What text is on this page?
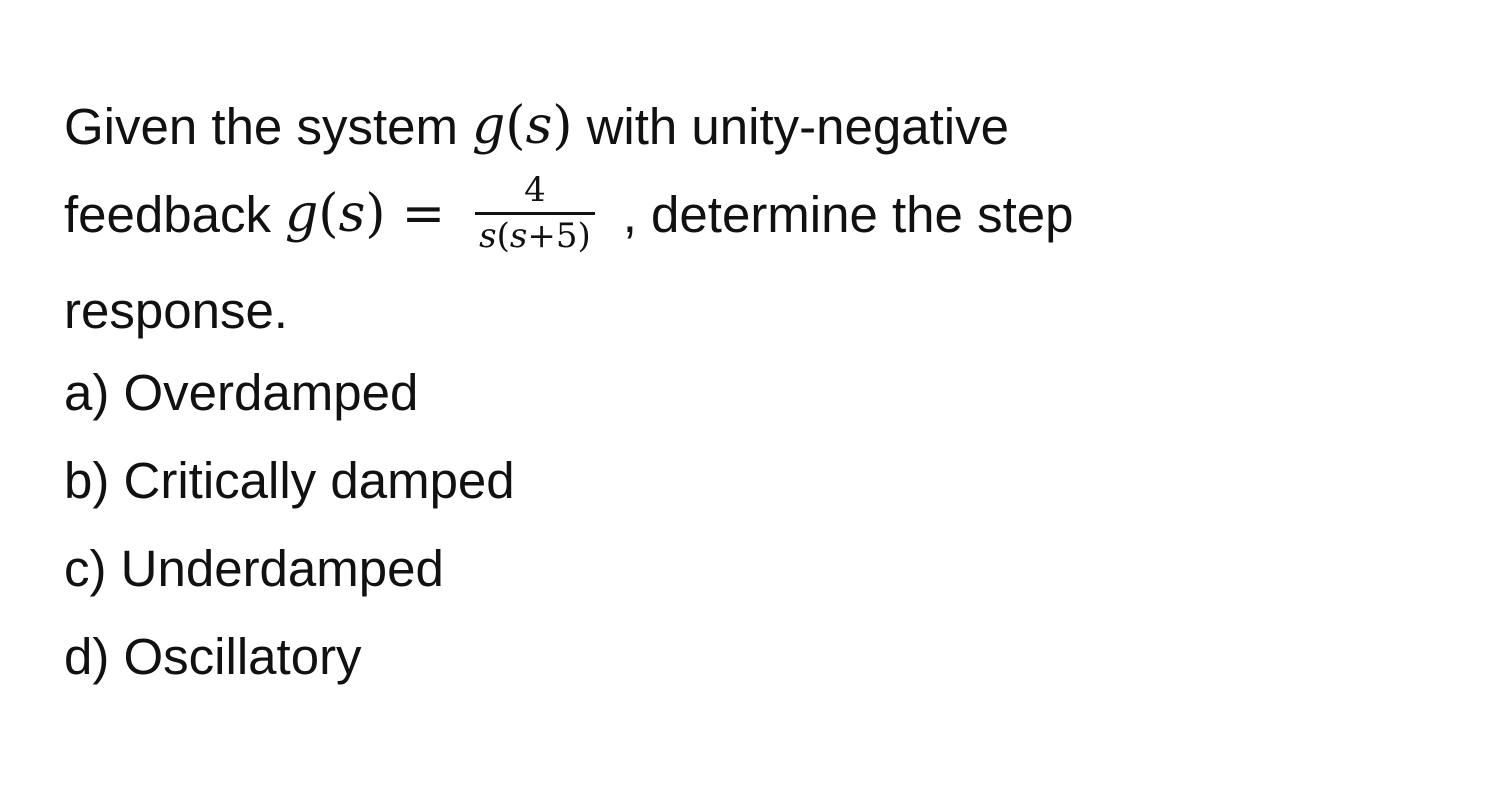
Given the system g ( s ) with unity-negative
feedback g ( s ) = $\frac{4}{s(s+5)}$ , determine the step
response.
a) Overdamped
b) Critically damped
c) Underdamped
d) Oscillatory
